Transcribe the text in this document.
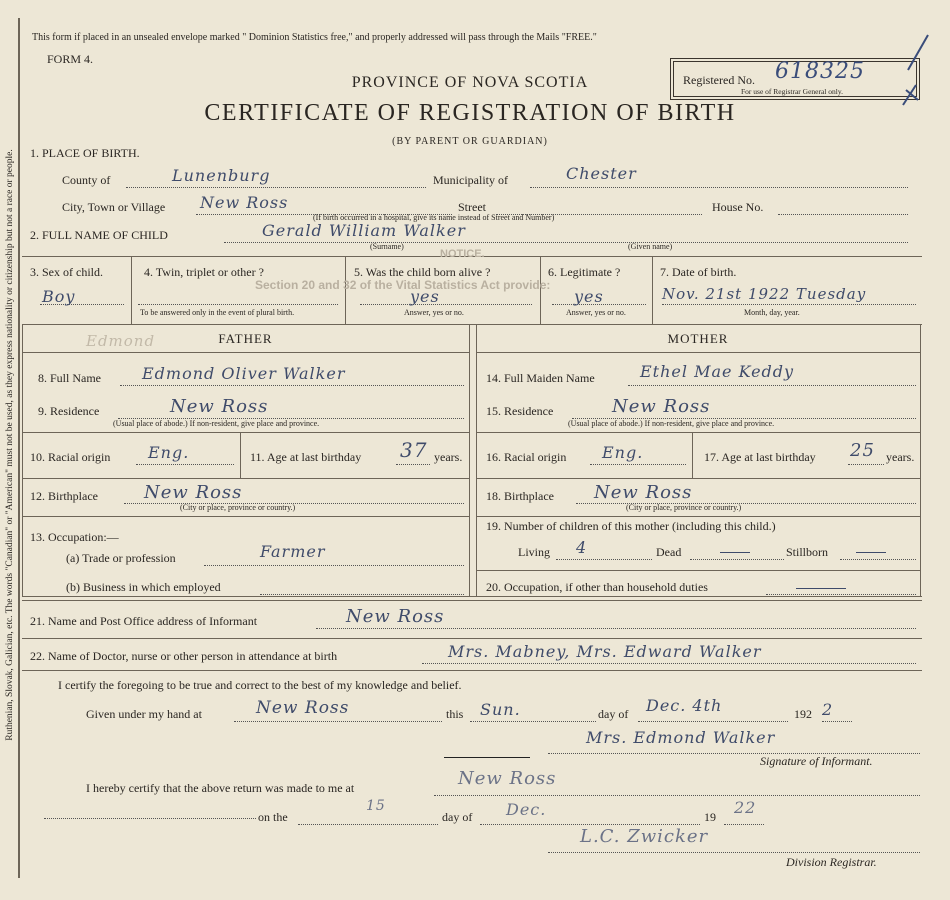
Ruthenian, Slovak, Galician, etc. The words "Canadian" or "American" must not be used, as they express nationality or citizenship but not a race or people.
This form if placed in an unsealed envelope marked " Dominion Statistics free," and properly addressed will pass through the Mails "FREE."
FORM 4.
PROVINCE OF NOVA SCOTIA
CERTIFICATE OF REGISTRATION OF BIRTH
(BY PARENT OR GUARDIAN)
Registered No. 618325
For use of Registrar General only.
1. PLACE OF BIRTH.
County of	Lunenburg	Municipality of	Chester
City, Town or Village New Ross	Street	House No.
(If birth occurred in a hospital, give its name instead of Street and Number)
2. FULL NAME OF CHILD	Gerald William Walker
(Surname)	(Given name)
3. Sex of child.
Boy
4. Twin, triplet or other ?
To be answered only in the event of plural birth.
5. Was the child born alive ?
yes
Answer, yes or no.
6. Legitimate ?
yes
Answer, yes or no.
7. Date of birth.
Nov. 21st 1922 Tuesday
Month, day, year.
NOTICE.
Section 20 and 32 of the Vital Statistics Act provide:
Edmond	FATHER	MOTHER
8. Full Name	Edmond Oliver Walker
9. Residence	New Ross
(Usual place of abode.) If non-resident, give place and province.
10. Racial origin Eng.	11. Age at last birthday 37 years.
12. Birthplace	New Ross
(City or place, province or country.)
13. Occupation:—
(a) Trade or profession	Farmer
(b) Business in which employed
14. Full Maiden Name	Ethel Mae Keddy
15. Residence	New Ross
(Usual place of abode.) If non-resident, give place and province.
16. Racial origin Eng.	17. Age at last birthday 25 years.
18. Birthplace New Ross
(City or place, province or country.)
19. Number of children of this mother (including this child.)
Living 4	Dead	Stillborn
20. Occupation, if other than household duties
21. Name and Post Office address of Informant	New Ross
22. Name of Doctor, nurse or other person in attendance at birth	Mrs. Mabney, Mrs. Edward Walker
I certify the foregoing to be true and correct to the best of my knowledge and belief.
Given under my hand at	New Ross	this Sun.	day of Dec. 4th	192 2
Mrs. Edmond Walker
Signature of Informant.
I hereby certify that the above return was made to me at	New Ross
on the
15
day of Dec.	19 22
L.C. Zwicker
Division Registrar.
